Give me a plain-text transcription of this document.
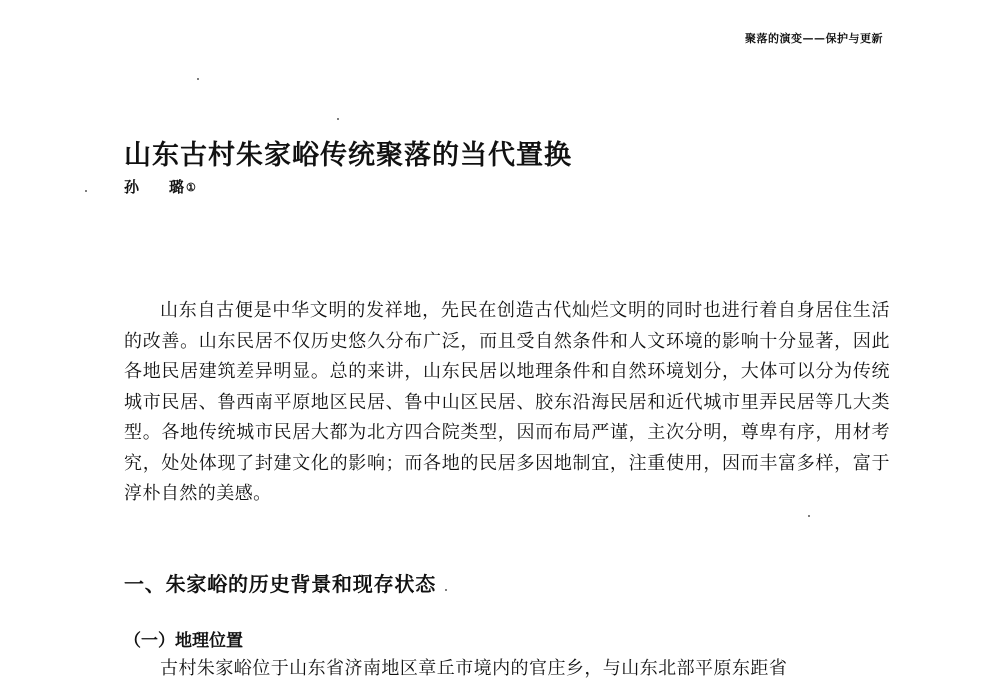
聚落的演变——保护与更新
山东古村朱家峪传统聚落的当代置换
孙 璐①

山东自古便是中华文明的发祥地，先民在创造古代灿烂文明的同时也进行着自身居住生活的改善。山东民居不仅历史悠久分布广泛，而且受自然条件和人文环境的影响十分显著，因此各地民居建筑差异明显。总的来讲，山东民居以地理条件和自然环境划分，大体可以分为传统城市民居、鲁西南平原地区民居、鲁中山区民居、胶东沿海民居和近代城市里弄民居等几大类型。各地传统城市民居大都为北方四合院类型，因而布局严谨，主次分明，尊卑有序，用材考究，处处体现了封建文化的影响；而各地的民居多因地制宜，注重使用，因而丰富多样，富于淳朴自然的美感。

一、朱家峪的历史背景和现存状态
（一）地理位置
古村朱家峪位于山东省济南地区章丘市境内的官庄乡，与山东北部平原东距省
